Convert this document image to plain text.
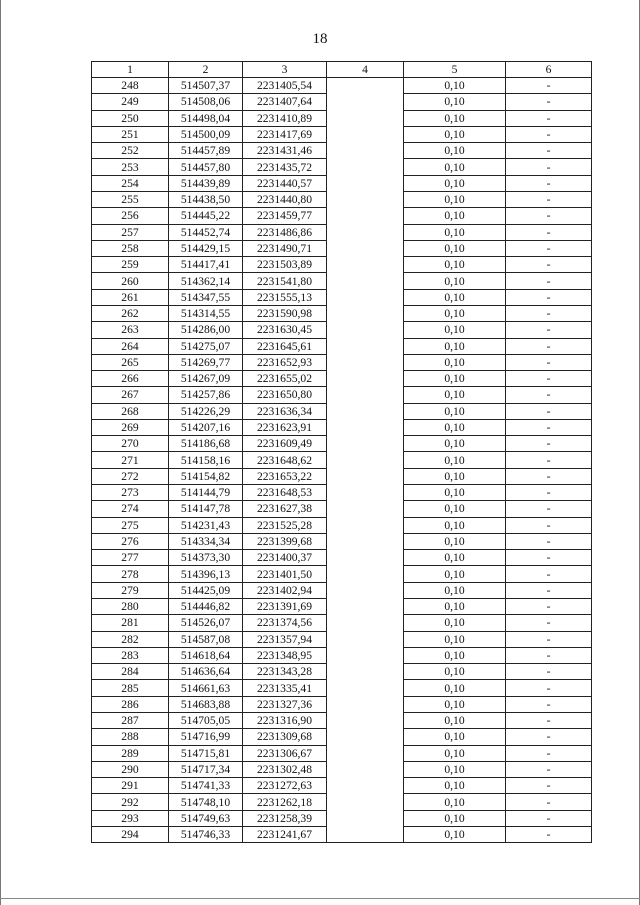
18
1	2	3	4	5	6
248	514507,37	2231405,54		0,10	-
249	514508,06	2231407,64		0,10	-
250	514498,04	2231410,89		0,10	-
251	514500,09	2231417,69		0,10	-
252	514457,89	2231431,46		0,10	-
253	514457,80	2231435,72		0,10	-
254	514439,89	2231440,57		0,10	-
255	514438,50	2231440,80		0,10	-
256	514445,22	2231459,77		0,10	-
257	514452,74	2231486,86		0,10	-
258	514429,15	2231490,71		0,10	-
259	514417,41	2231503,89		0,10	-
260	514362,14	2231541,80		0,10	-
261	514347,55	2231555,13		0,10	-
262	514314,55	2231590,98		0,10	-
263	514286,00	2231630,45		0,10	-
264	514275,07	2231645,61		0,10	-
265	514269,77	2231652,93		0,10	-
266	514267,09	2231655,02		0,10	-
267	514257,86	2231650,80		0,10	-
268	514226,29	2231636,34		0,10	-
269	514207,16	2231623,91		0,10	-
270	514186,68	2231609,49		0,10	-
271	514158,16	2231648,62		0,10	-
272	514154,82	2231653,22		0,10	-
273	514144,79	2231648,53		0,10	-
274	514147,78	2231627,38		0,10	-
275	514231,43	2231525,28		0,10	-
276	514334,34	2231399,68		0,10	-
277	514373,30	2231400,37		0,10	-
278	514396,13	2231401,50		0,10	-
279	514425,09	2231402,94		0,10	-
280	514446,82	2231391,69		0,10	-
281	514526,07	2231374,56		0,10	-
282	514587,08	2231357,94		0,10	-
283	514618,64	2231348,95		0,10	-
284	514636,64	2231343,28		0,10	-
285	514661,63	2231335,41		0,10	-
286	514683,88	2231327,36		0,10	-
287	514705,05	2231316,90		0,10	-
288	514716,99	2231309,68		0,10	-
289	514715,81	2231306,67		0,10	-
290	514717,34	2231302,48		0,10	-
291	514741,33	2231272,63		0,10	-
292	514748,10	2231262,18		0,10	-
293	514749,63	2231258,39		0,10	-
294	514746,33	2231241,67		0,10	-
